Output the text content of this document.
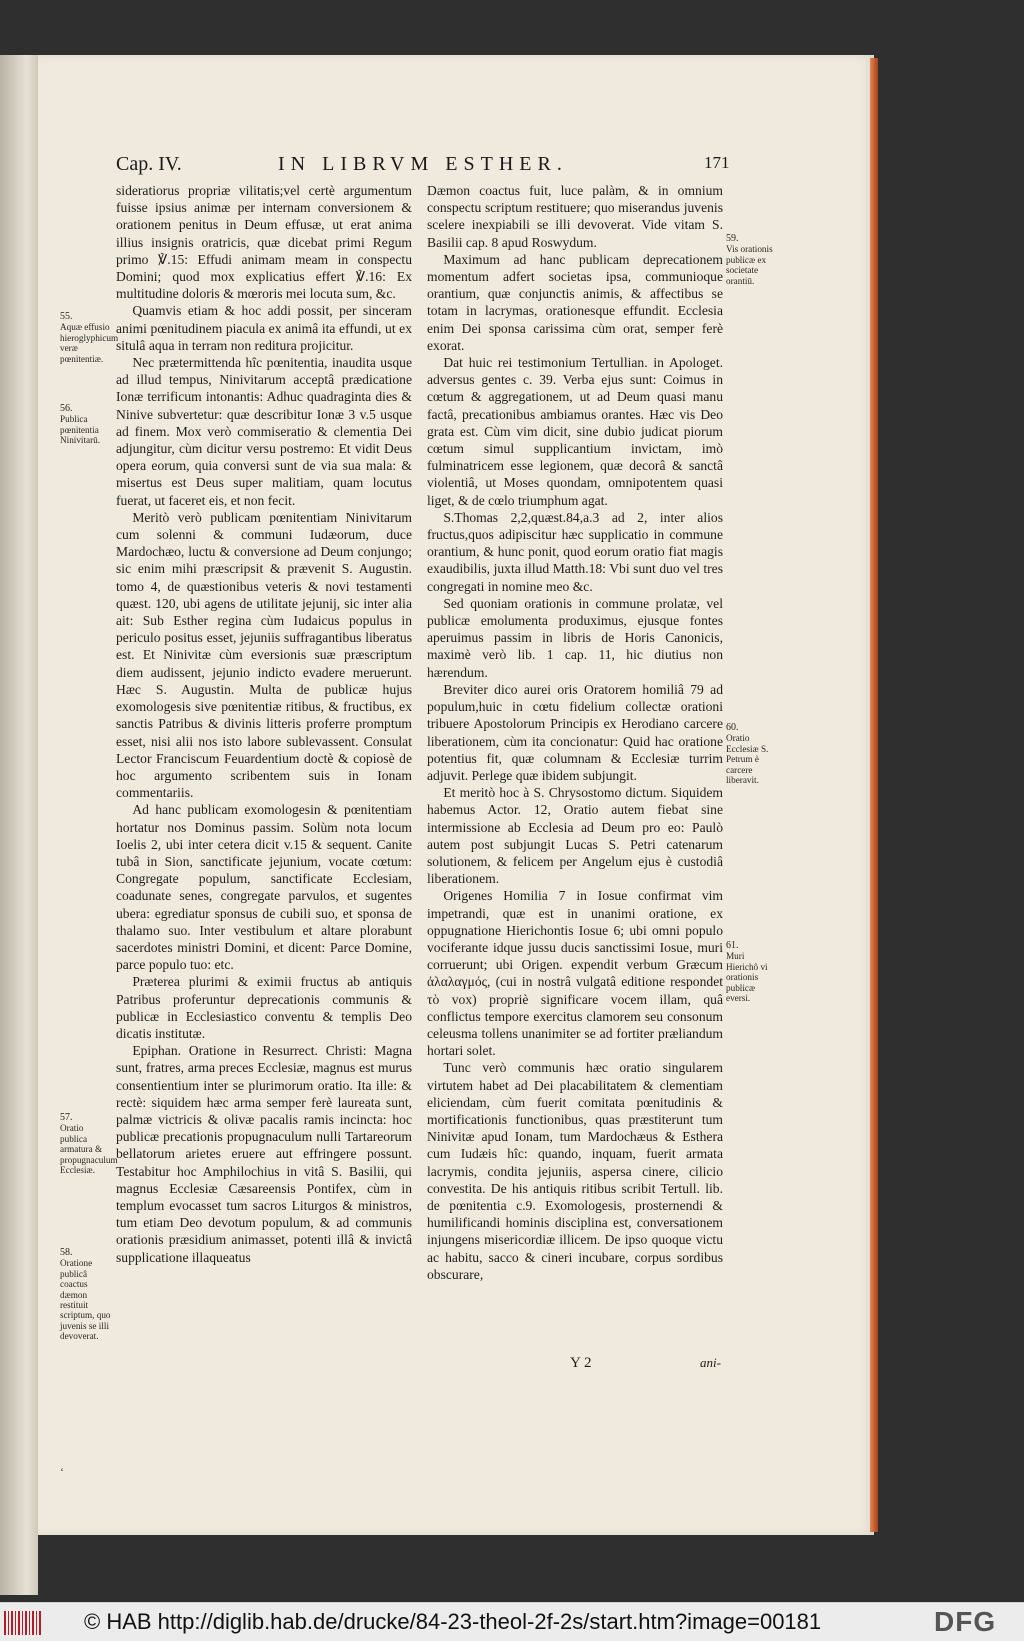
Cap. IV.	IN LIBRVM ESTHER.	171

sideratiorus propriæ vilitatis;vel certè argumentum fuisse ipsius animæ per internam conversionem & orationem penitus in Deum effusæ, ut erat anima illius insignis oratricis, quæ dicebat primi Regum primo ℣.15: Effudi animam meam in conspectu Domini; quod mox explicatius effert ℣.16: Ex multitudine doloris & mœroris mei locuta sum, &c.

Quamvis etiam & hoc addi possit, per sinceram animi pœnitudinem piacula ex animâ ita effundi, ut ex situlâ aqua in terram non reditura projicitur.

Nec prætermittenda hîc pœnitentia, inaudita usque ad illud tempus, Ninivitarum acceptâ prædicatione Ionæ terrificum intonantis: Adhuc quadraginta dies & Ninive subvertetur: quæ describitur Ionæ 3 v.5 usque ad finem. Mox verò commiseratio & clementia Dei adjungitur, cùm dicitur versu postremo: Et vidit Deus opera eorum, quia conversi sunt de via sua mala: & misertus est Deus super malitiam, quam locutus fuerat, ut faceret eis, et non fecit.

Meritò verò publicam pœnitentiam Ninivitarum cum solenni & communi Iudæorum, duce Mardochæo, luctu & conversione ad Deum conjungo; sic enim mihi præscripsit & prævenit S. Augustin. tomo 4, de quæstionibus veteris & novi testamenti quæst. 120, ubi agens de utilitate jejunij, sic inter alia ait: Sub Esther regina cùm Iudaicus populus in periculo positus esset, jejuniis suffragantibus liberatus est. Et Ninivitæ cùm eversionis suæ præscriptum diem audissent, jejunio indicto evadere meruerunt. Hæc S. Augustin. Multa de publicæ hujus exomologesis sive pœnitentiæ ritibus, & fructibus, ex sanctis Patribus & divinis litteris proferre promptum esset, nisi alii nos isto labore sublevassent. Consulat Lector Franciscum Feuardentium doctè & copiosè de hoc argumento scribentem suis in Ionam commentariis.

Ad hanc publicam exomologesin & pœnitentiam hortatur nos Dominus passim. Solùm nota locum Ioelis 2, ubi inter cetera dicit v.15 & sequent. Canite tubâ in Sion, sanctificate jejunium, vocate cœtum: Congregate populum, sanctificate Ecclesiam, coadunate senes, congregate parvulos, et sugentes ubera: egrediatur sponsus de cubili suo, et sponsa de thalamo suo. Inter vestibulum et altare plorabunt sacerdotes ministri Domini, et dicent: Parce Domine, parce populo tuo: etc.

Præterea plurimi & eximii fructus ab antiquis Patribus proferuntur deprecationis communis & publicæ in Ecclesiastico conventu & templis Deo dicatis institutæ.

Epiphan. Oratione in Resurrect. Christi: Magna sunt, fratres, arma preces Ecclesiæ, magnus est murus consentientium inter se plurimorum oratio. Ita ille: & rectè: siquidem hæc arma semper ferè laureata sunt, palmæ victricis & olivæ pacalis ramis incincta: hoc publicæ precationis propugnaculum nulli Tartareorum bellatorum arietes eruere aut effringere possunt. Testabitur hoc Amphilochius in vitâ S. Basilii, qui magnus Ecclesiæ Cæsareensis Pontifex, cùm in templum evocasset tum sacros Liturgos & ministros, tum etiam Deo devotum populum, & ad communis orationis præsidium animasset, potenti illâ & invictâ supplicatione illaqueatus

Dæmon coactus fuit, luce palàm, & in omnium conspectu scriptum restituere; quo miserandus juvenis scelere inexpiabili se illi devoverat. Vide vitam S. Basilii cap. 8 apud Roswydum.

Maximum ad hanc publicam deprecationem momentum adfert societas ipsa, communioque orantium, quæ conjunctis animis, & affectibus se totam in lacrymas, orationesque effundit. Ecclesia enim Dei sponsa carissima cùm orat, semper ferè exorat.

Dat huic rei testimonium Tertullian. in Apologet. adversus gentes c. 39. Verba ejus sunt: Coimus in cœtum & aggregationem, ut ad Deum quasi manu factâ, precationibus ambiamus orantes. Hæc vis Deo grata est. Cùm vim dicit, sine dubio judicat piorum cœtum simul supplicantium invictam, imò fulminatricem esse legionem, quæ decorâ & sanctâ violentiâ, ut Moses quondam, omnipotentem quasi liget, & de cœlo triumphum agat.

S.Thomas 2,2,quæst.84,a.3 ad 2, inter alios fructus,quos adipiscitur hæc supplicatio in commune orantium, & hunc ponit, quod eorum oratio fiat magis exaudibilis, juxta illud Matth.18: Vbi sunt duo vel tres congregati in nomine meo &c.

Sed quoniam orationis in commune prolatæ, vel publicæ emolumenta produximus, ejusque fontes aperuimus passim in libris de Horis Canonicis, maximè verò lib. 1 cap. 11, hic diutius non hærendum.

Breviter dico aurei oris Oratorem homiliâ 79 ad populum,huic in cœtu fidelium collectæ orationi tribuere Apostolorum Principis ex Herodiano carcere liberationem, cùm ita concionatur: Quid hac oratione potentius fit, quæ columnam & Ecclesiæ turrim adjuvit. Perlege quæ ibidem subjungit.

Et meritò hoc à S. Chrysostomo dictum. Siquidem habemus Actor. 12, Oratio autem fiebat sine intermissione ab Ecclesia ad Deum pro eo: Paulò autem post subjungit Lucas S. Petri catenarum solutionem, & felicem per Angelum ejus è custodiâ liberationem.

Origenes Homilia 7 in Iosue confirmat vim impetrandi, quæ est in unanimi oratione, ex oppugnatione Hierichontis Iosue 6; ubi omni populo vociferante idque jussu ducis sanctissimi Iosue, muri corruerunt; ubi Origen. expendit verbum Græcum ἀλαλαγμός, (cui in nostrâ vulgatâ editione respondet τὸ vox) propriè significare vocem illam, quâ conflictus tempore exercitus clamorem seu consonum celeusma tollens unanimiter se ad fortiter præliandum hortari solet.

Tunc verò communis hæc oratio singularem virtutem habet ad Dei placabilitatem & clementiam eliciendam, cùm fuerit comitata pœnitudinis & mortificationis functionibus, quas præstiterunt tum Ninivitæ apud Ionam, tum Mardochæus & Esthera cum Iudæis hîc: quando, inquam, fuerit armata lacrymis, condita jejuniis, aspersa cinere, cilicio convestita. De his antiquis ritibus scribit Tertull. lib. de pœnitentia c.9. Exomologesis, prosternendi & humilificandi hominis disciplina est, conversationem injungens misericordiæ illicem. De ipso quoque victu ac habitu, sacco & cineri incubare, corpus sordibus obscurare,

55.
Aquæ effusio hieroglyphicum veræ pœnitentiæ.
56.
Publica pœnitentia Ninivitarū.
57.
Oratio publica armatura & propugnaculum Ecclesiæ.
58.
Oratione publicâ coactus dæmon restituit scriptum, quo juvenis se illi devoverat.
59.
Vis orationis publicæ ex societate orantiū.
60.
Oratio Ecclesiæ S. Petrum è carcere liberavit.
61.
Muri Hierichô vi orationis publicæ eversi.
Y 2	ani-
ʻ
© HAB http://diglib.hab.de/drucke/84-23-theol-2f-2s/start.htm?image=00181	DFG
